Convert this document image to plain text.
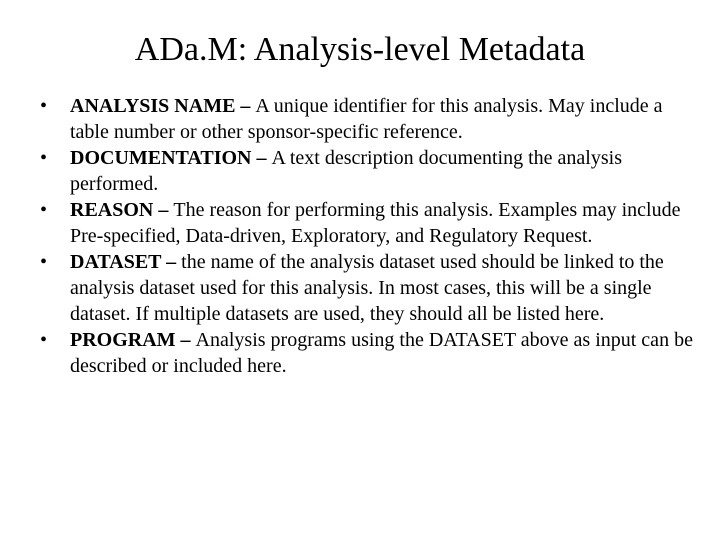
ADa.M: Analysis-level Metadata
•	ANALYSIS NAME – A unique identifier for this analysis. May include a table number or other sponsor-specific reference.
•	DOCUMENTATION – A text description documenting the analysis performed.
•	REASON – The reason for performing this analysis. Examples may include Pre-specified, Data-driven, Exploratory, and Regulatory Request.
•	DATASET – the name of the analysis dataset used should be linked to the analysis dataset used for this analysis. In most cases, this will be a single dataset. If multiple datasets are used, they should all be listed here.
•	PROGRAM – Analysis programs using the DATASET above as input can be described or included here.
